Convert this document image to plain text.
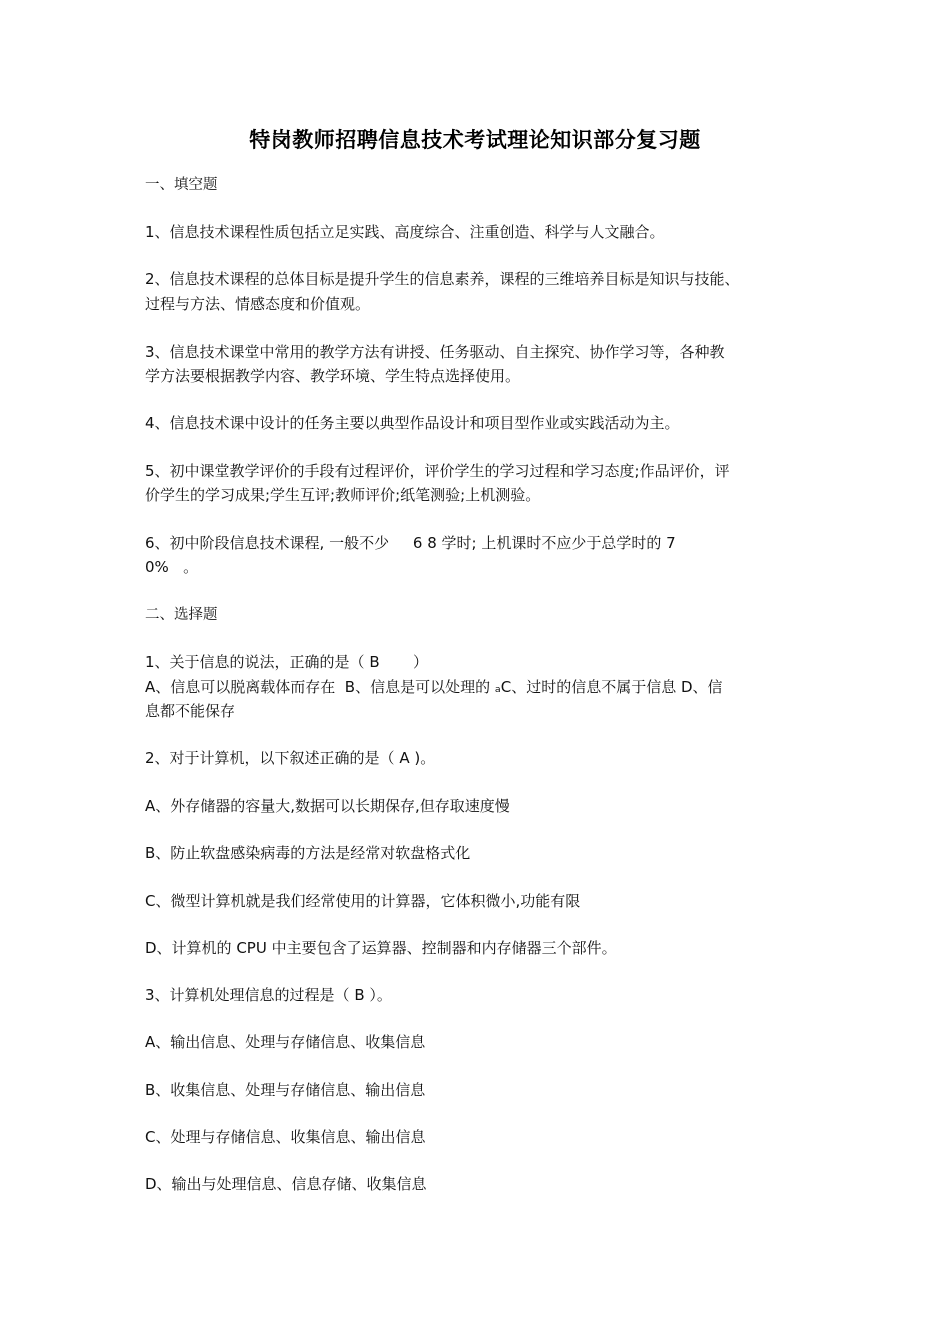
特岗教师招聘信息技术考试理论知识部分复习题
一、填空题
1、信息技术课程性质包括立足实践、高度综合、注重创造、科学与人文融合。
2、信息技术课程的总体目标是提升学生的信息素养，课程的三维培养目标是知识与技能、
过程与方法、情感态度和价值观。
3、信息技术课堂中常用的教学方法有讲授、任务驱动、自主探究、协作学习等，各种教
学方法要根据教学内容、教学环境、学生特点选择使用。
4、信息技术课中设计的任务主要以典型作品设计和项目型作业或实践活动为主。
5、初中课堂教学评价的手段有过程评价，评价学生的学习过程和学习态度;作品评价，评
价学生的学习成果;学生互评;教师评价;纸笔测验;上机测验。
6、初中阶段信息技术课程, 一般不少     6 8 学时; 上机课时不应少于总学时的 7
0%   。
二、选择题
1、关于信息的说法，正确的是（ B       ）
A、信息可以脱离载体而存在  B、信息是可以处理的 ₐC、过时的信息不属于信息 D、信
息都不能保存
2、对于计算机，以下叙述正确的是（ A )。
A、外存储器的容量大,数据可以长期保存,但存取速度慢
B、防止软盘感染病毒的方法是经常对软盘格式化
C、微型计算机就是我们经常使用的计算器，它体积微小,功能有限
D、计算机的 CPU 中主要包含了运算器、控制器和内存储器三个部件。
3、计算机处理信息的过程是（ B ）。
A、输出信息、处理与存储信息、收集信息
B、收集信息、处理与存储信息、输出信息
C、处理与存储信息、收集信息、输出信息
D、输出与处理信息、信息存储、收集信息
